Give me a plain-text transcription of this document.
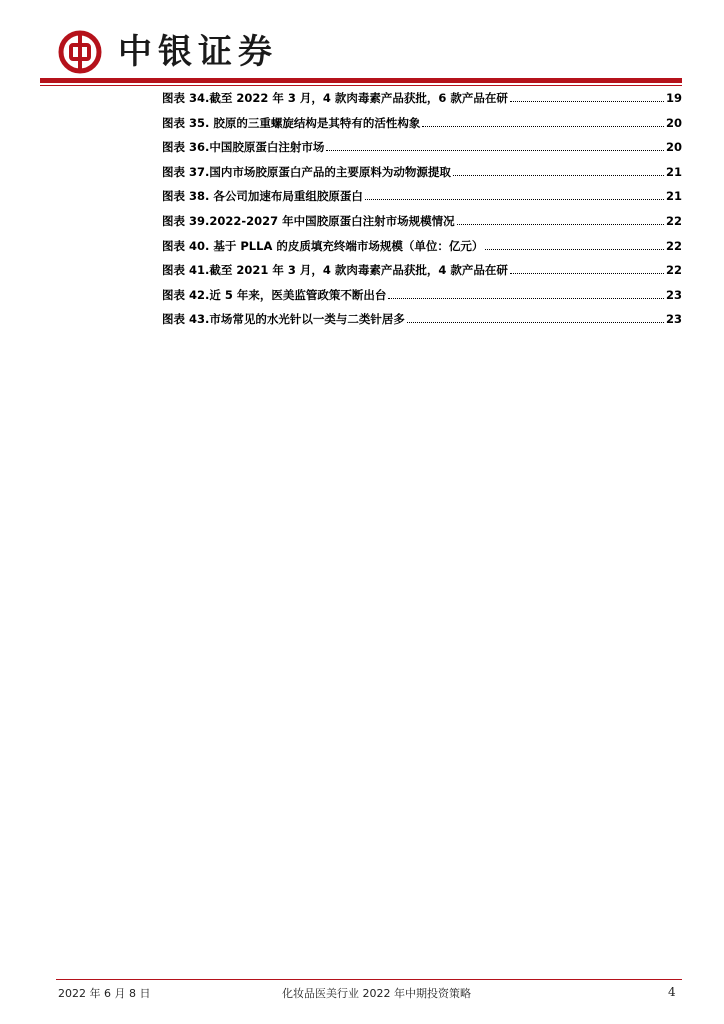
中银证券
图表 34.截至 2022 年 3 月，4 款肉毒素产品获批，6 款产品在研	19
图表 35. 胶原的三重螺旋结构是其特有的活性构象	20
图表 36.中国胶原蛋白注射市场	20
图表 37.国内市场胶原蛋白产品的主要原料为动物源提取	21
图表 38. 各公司加速布局重组胶原蛋白	21
图表 39.2022-2027 年中国胶原蛋白注射市场规模情况	22
图表 40. 基于 PLLA 的皮质填充终端市场规模（单位：亿元）	22
图表 41.截至 2021 年 3 月，4 款肉毒素产品获批，4 款产品在研	22
图表 42.近 5 年来，医美监管政策不断出台	23
图表 43.市场常见的水光针以一类与二类针居多	23
2022 年 6 月 8 日	化妆品医美行业 2022 年中期投资策略	4
